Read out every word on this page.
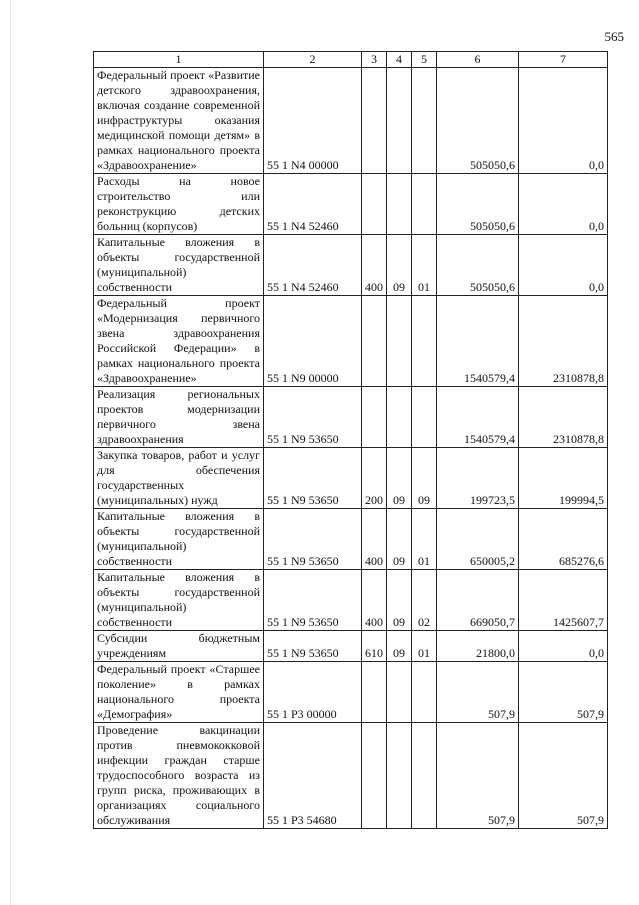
565
1	2	3	4	5	6	7
Федеральный проект «Развитие детского здравоохранения, включая создание современной инфраструктуры оказания медицинской помощи детям» в рамках национального проекта «Здравоохранение»	55 1 N4 00000				505050,6	0,0
Расходы на новое строительство или реконструкцию детских больниц (корпусов)	55 1 N4 52460				505050,6	0,0
Капитальные вложения в объекты государственной (муниципальной) собственности	55 1 N4 52460	400	09	01	505050,6	0,0
Федеральный проект «Модернизация первичного звена здравоохранения Российской Федерации» в рамках национального проекта «Здравоохранение»	55 1 N9 00000				1540579,4	2310878,8
Реализация региональных проектов модернизации первичного звена здравоохранения	55 1 N9 53650				1540579,4	2310878,8
Закупка товаров, работ и услуг для обеспечения государственных (муниципальных) нужд	55 1 N9 53650	200	09	09	199723,5	199994,5
Капитальные вложения в объекты государственной (муниципальной) собственности	55 1 N9 53650	400	09	01	650005,2	685276,6
Капитальные вложения в объекты государственной (муниципальной) собственности	55 1 N9 53650	400	09	02	669050,7	1425607,7
Субсидии бюджетным учреждениям	55 1 N9 53650	610	09	01	21800,0	0,0
Федеральный проект «Старшее поколение» в рамках национального проекта «Демография»	55 1 P3 00000				507,9	507,9
Проведение вакцинации против пневмококковой инфекции граждан старше трудоспособного возраста из групп риска, проживающих в организациях социального обслуживания	55 1 P3 54680				507,9	507,9
